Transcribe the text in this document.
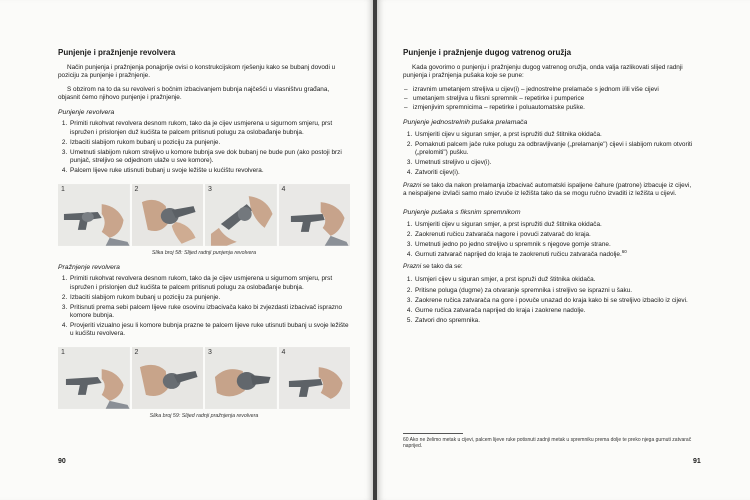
Punjenje i pražnjenje revolvera

Način punjenja i pražnjenja ponajprije ovisi o konstrukcijskom rješenju kako se bubanj dovodi u poziciju za punjenje i pražnjenje.

S obzirom na to da su revolveri s bočnim izbacivanjem bubnja najčešći u vlasništvu građana, objasnit ćemo njihovo punjenje i pražnjenje.

Punjenje revolvera
1. Primiti rukohvat revolvera desnom rukom, tako da je cijev usmjerena u sigurnom smjeru, prst ispružen i prislonjen duž kućišta te palcem pritisnuti polugu za oslobađanje bubnja.
2. Izbaciti slabijom rukom bubanj u poziciju za punjenje.
3. Umetnuti slabijom rukom streljivo u komore bubnja sve dok bubanj ne bude pun (ako postoji brzi punjač, streljivo se odjednom ulaže u sve komore).
4. Palcem lijeve ruke utisnuti bubanj u svoje ležište u kućištu revolvera.
1	2	3	4
Slika broj 58: Slijed radnji punjenja revolvera
Pražnjenje revolvera
1. Primiti rukohvat revolvera desnom rukom, tako da je cijev usmjerena u sigurnom smjeru, prst ispružen i prislonjen duž kućišta te palcem pritisnuti polugu za oslobađanje bubnja.
2. Izbaciti slabijom rukom bubanj u poziciju za punjenje.
3. Pritisnuti prema sebi palcem lijeve ruke osovinu izbacivača kako bi zvjezdasti izbacivač isprazno komore bubnja.
4. Provjeriti vizualno jesu li komore bubnja prazne te palcem lijeve ruke utisnuti bubanj u svoje ležište u kućištu revolvera.
1	2	3	4
Slika broj 59: Slijed radnji pražnjenja revolvera
90
Punjenje i pražnjenje dugog vatrenog oružja

Kada govorimo o punjenju i pražnjenju dugog vatrenog oružja, onda valja razlikovati slijed radnji punjenja i pražnjenja pušaka koje se pune:

– izravnim umetanjem streljiva u cijev(i) – jednostrelne prelamače s jednom i/ili više cijevi
– umetanjem streljiva u fiksni spremnik – repetirke i pumperice
– izmjenjivim spremnicima – repetirke i poluautomatske puške.
Punjenje jednostrelnih pušaka prelamača
1. Usmjeriti cijev u siguran smjer, a prst ispružiti duž štitnika okidača.
2. Pomaknuti palcem jače ruke polugu za odbravljivanje („prelamanje") cijevi i slabijom rukom otvoriti („prelomiti") pušku.
3. Umetnuti streljivo u cijev(i).
4. Zatvoriti cijev(i).

Prazni se tako da nakon prelamanja izbacivač automatski ispaljene čahure (patrone) izbacuje iz cijevi, a neispaljene izvlači samo malo izvuče iz ležišta tako da se mogu ručno izvaditi iz ležišta u cijevi.

Punjenje pušaka s fiksnim spremnikom
1. Usmjeriti cijev u siguran smjer, a prst ispružiti duž štitnika okidača.
2. Zaokrenuti ručicu zatvarača nagore i povući zatvarač do kraja.
3. Umetnuti jedno po jedno streljivo u spremnik s njegove gornje strane.
4. Gurnuti zatvarač naprijed do kraja te zaokrenuti ručicu zatvarača nadolje.$^{60}$

Prazni se tako da se:

1. Usmjeri cijev u siguran smjer, a prst ispruži duž štitnika okidača.
2. Pritisne poluga (dugme) za otvaranje spremnika i streljivo se isprazni u šaku.
3. Zaokrene ručica zatvarača na gore i povuče unazad do kraja kako bi se streljivo izbacilo iz cijevi.
4. Gurne ručica zatvarača naprijed do kraja i zaokrene nadolje.
5. Zatvori dno spremnika.
60 Ako ne želimo metak u cijevi, palcem lijeve ruke potisnuti zadnji metak u spremniku prema dolje te preko njega gurnuti zatvarač naprijed.
91
